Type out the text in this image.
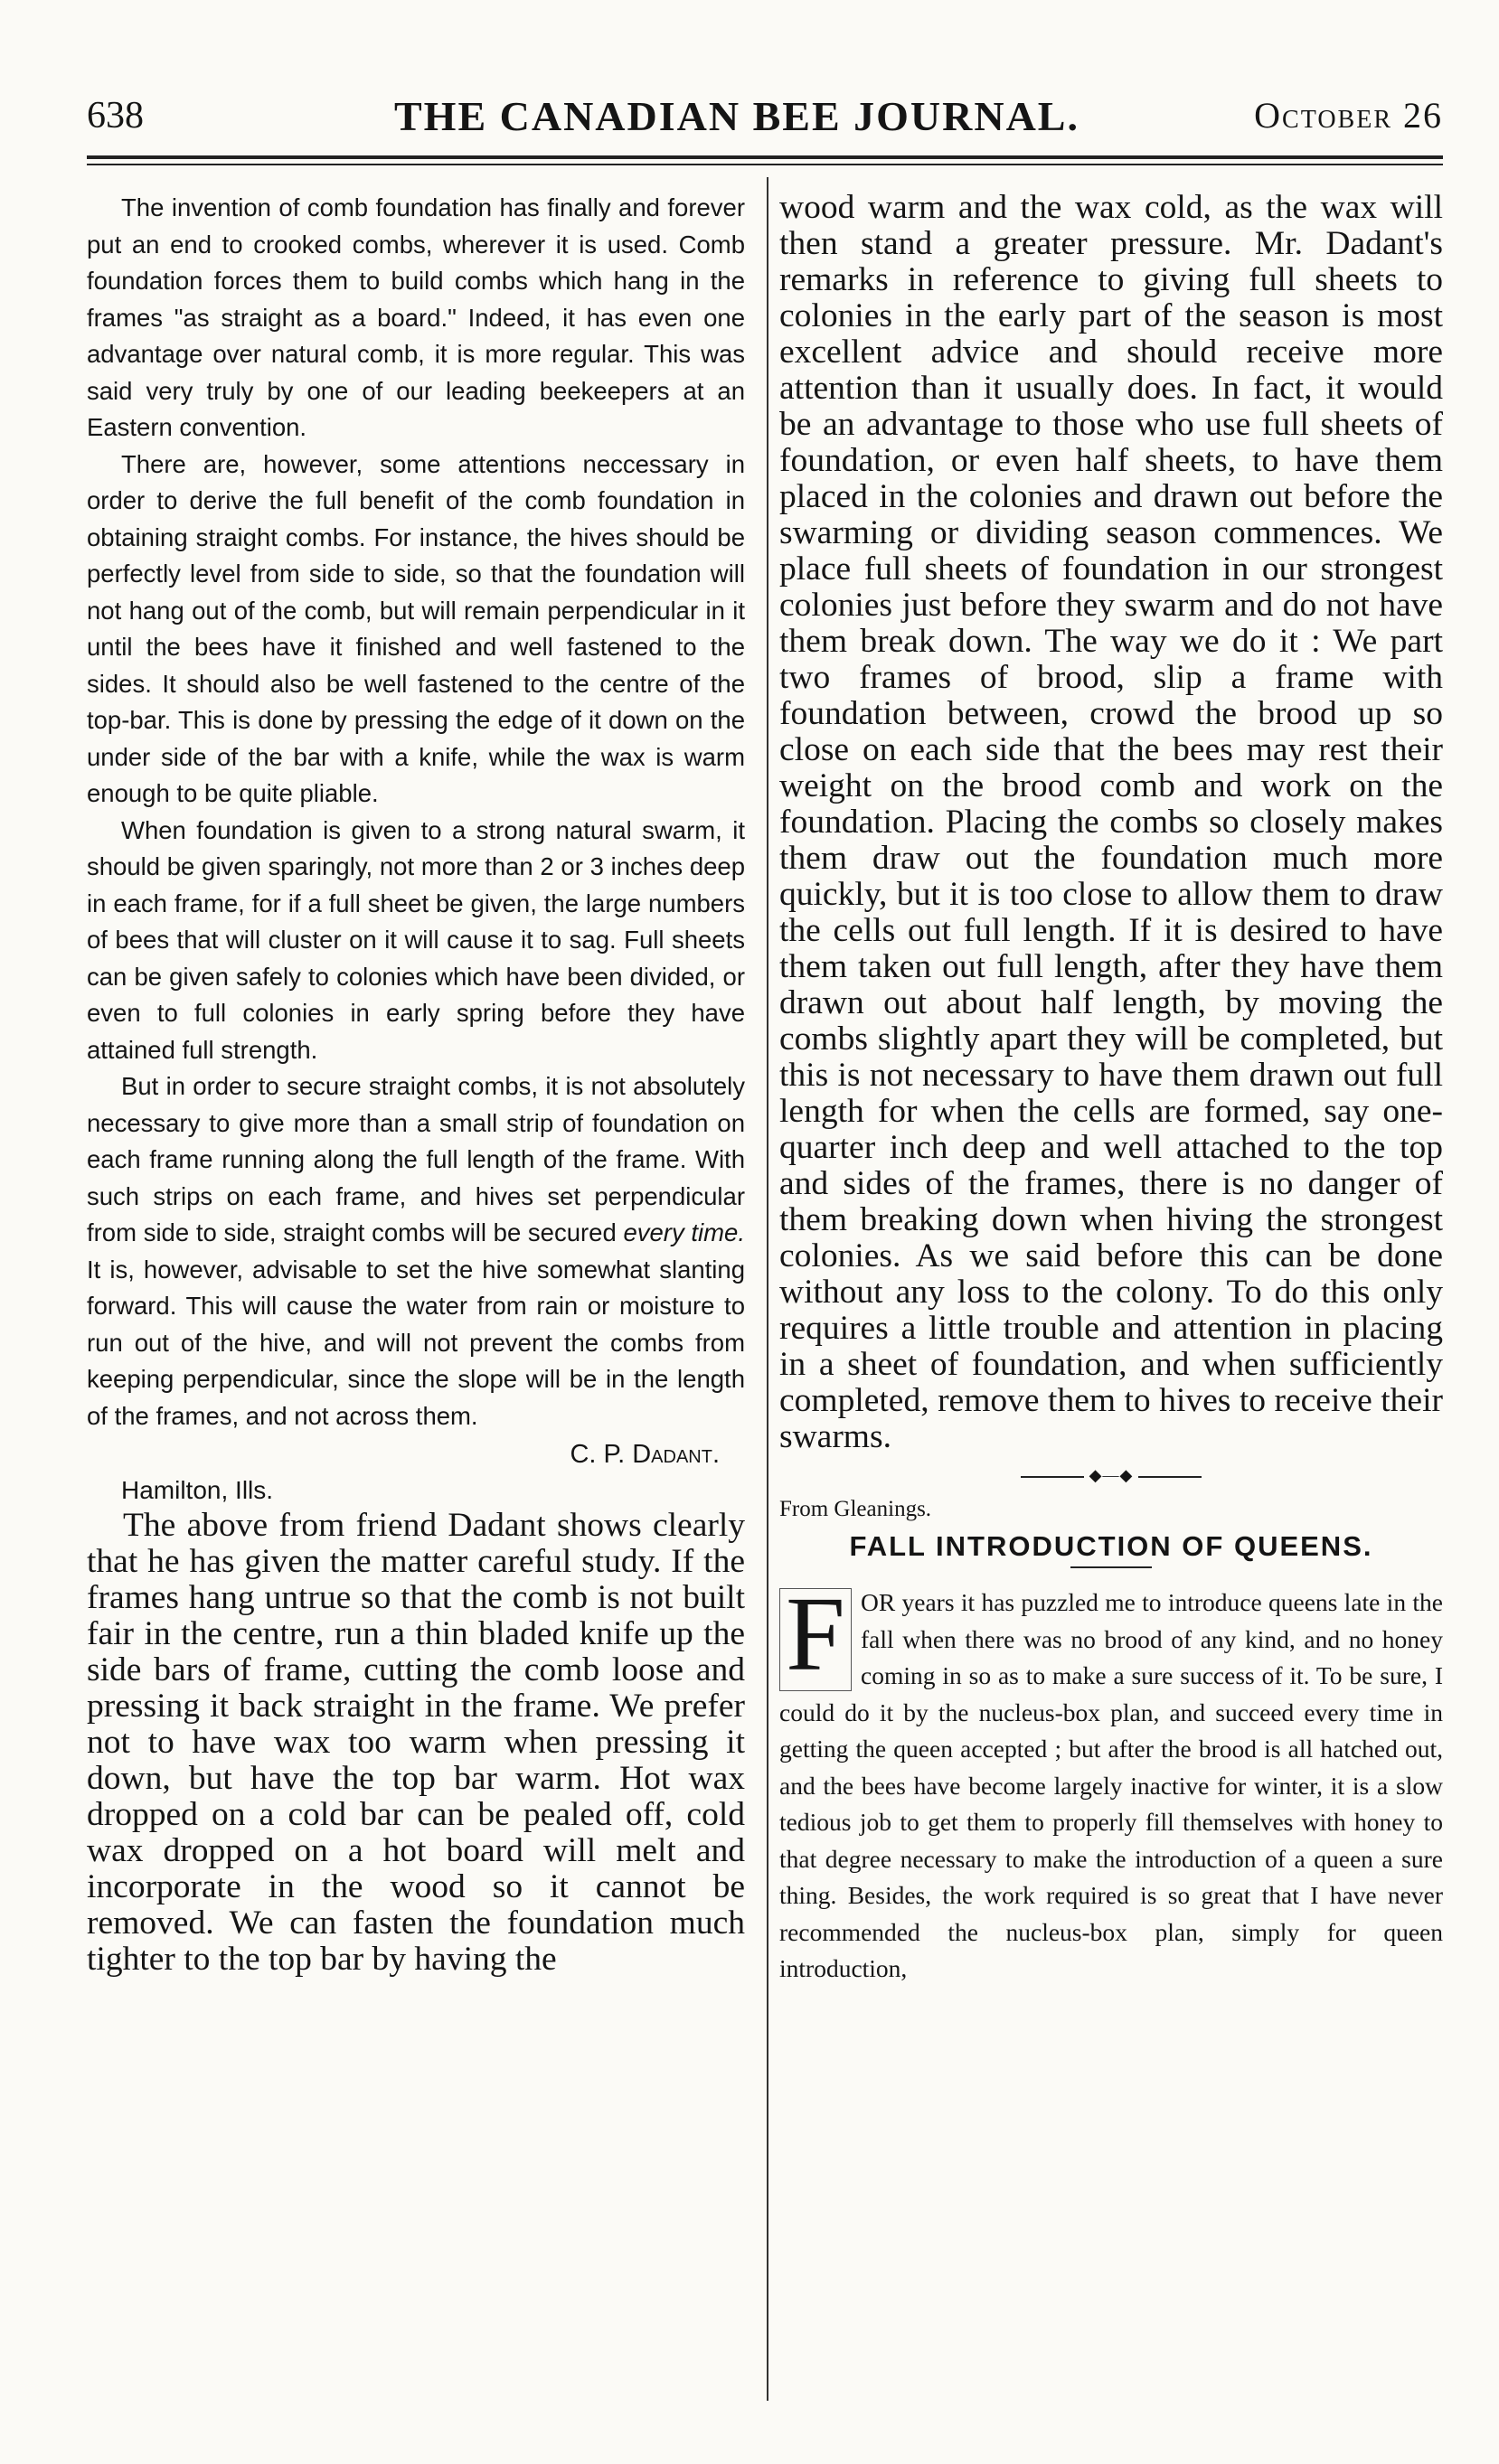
638	THE CANADIAN BEE JOURNAL.	October 26

The invention of comb foundation has finally and forever put an end to crooked combs, wherever it is used. Comb foundation forces them to build combs which hang in the frames "as straight as a board." Indeed, it has even one advantage over natural comb, it is more regular. This was said very truly by one of our leading beekeepers at an Eastern convention.

There are, however, some attentions neccessary in order to derive the full benefit of the comb foundation in obtaining straight combs. For instance, the hives should be perfectly level from side to side, so that the foundation will not hang out of the comb, but will remain perpendicular in it until the bees have it finished and well fastened to the sides. It should also be well fastened to the centre of the top-bar. This is done by pressing the edge of it down on the under side of the bar with a knife, while the wax is warm enough to be quite pliable.

When foundation is given to a strong natural swarm, it should be given sparingly, not more than 2 or 3 inches deep in each frame, for if a full sheet be given, the large numbers of bees that will cluster on it will cause it to sag. Full sheets can be given safely to colonies which have been divided, or even to full colonies in early spring before they have attained full strength.

But in order to secure straight combs, it is not absolutely necessary to give more than a small strip of foundation on each frame running along the full length of the frame. With such strips on each frame, and hives set perpendicular from side to side, straight combs will be secured every time. It is, however, advisable to set the hive somewhat slanting forward. This will cause the water from rain or moisture to run out of the hive, and will not prevent the combs from keeping perpendicular, since the slope will be in the length of the frames, and not across them.

C. P. Dadant.
Hamilton, Ills.

The above from friend Dadant shows clearly that he has given the matter careful study. If the frames hang untrue so that the comb is not built fair in the centre, run a thin bladed knife up the side bars of frame, cutting the comb loose and pressing it back straight in the frame. We prefer not to have wax too warm when pressing it down, but have the top bar warm. Hot wax dropped on a cold bar can be pealed off, cold wax dropped on a hot board will melt and incorporate in the wood so it cannot be removed. We can fasten the foundation much tighter to the top bar by having the

wood warm and the wax cold, as the wax will then stand a greater pressure. Mr. Dadant's remarks in reference to giving full sheets to colonies in the early part of the season is most excellent advice and should receive more attention than it usually does. In fact, it would be an advantage to those who use full sheets of foundation, or even half sheets, to have them placed in the colonies and drawn out before the swarming or dividing season commences. We place full sheets of foundation in our strongest colonies just before they swarm and do not have them break down. The way we do it : We part two frames of brood, slip a frame with foundation between, crowd the brood up so close on each side that the bees may rest their weight on the brood comb and work on the foundation. Placing the combs so closely makes them draw out the foundation much more quickly, but it is too close to allow them to draw the cells out full length. If it is desired to have them taken out full length, after they have them drawn out about half length, by moving the combs slightly apart they will be completed, but this is not necessary to have them drawn out full length for when the cells are formed, say one-quarter inch deep and well attached to the top and sides of the frames, there is no danger of them breaking down when hiving the strongest colonies. As we said before this can be done without any loss to the colony. To do this only requires a little trouble and attention in placing in a sheet of foundation, and when sufficiently completed, remove them to hives to receive their swarms.

◆—◆
From Gleanings.
FALL INTRODUCTION OF QUEENS.
F OR years it has puzzled me to introduce queens late in the fall when there was no brood of any kind, and no honey coming in so as to make a sure success of it. To be sure, I could do it by the nucleus-box plan, and succeed every time in getting the queen accepted ; but after the brood is all hatched out, and the bees have become largely inactive for winter, it is a slow tedious job to get them to properly fill themselves with honey to that degree necessary to make the introduction of a queen a sure thing. Besides, the work required is so great that I have never recommended the nucleus-box plan, simply for queen introduction,
